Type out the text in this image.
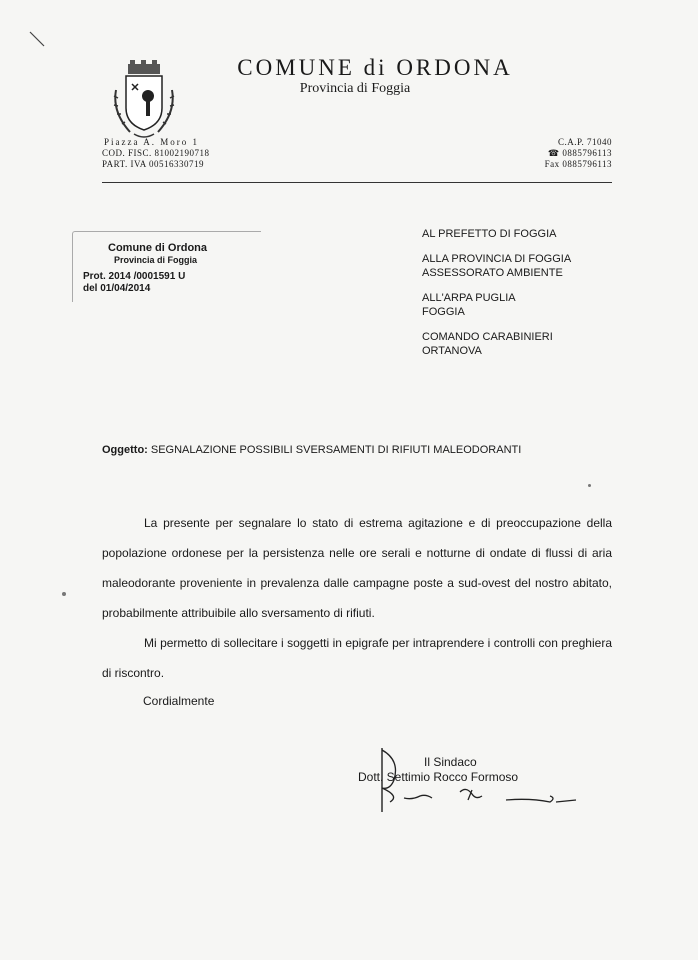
COMUNE di ORDONA
Provincia di Foggia
Piazza A. Moro 1
COD. FISC. 81002190718
PART. IVA 00516330719
C.A.P. 71040
☎ 0885796113
Fax 0885796113
Comune di Ordona
Provincia di Foggia
Prot. 2014 /0001591 U
del 01/04/2014
AL PREFETTO DI FOGGIA
ALLA PROVINCIA DI FOGGIA
ASSESSORATO AMBIENTE
ALL'ARPA PUGLIA
FOGGIA
COMANDO CARABINIERI
ORTANOVA
Oggetto: SEGNALAZIONE POSSIBILI SVERSAMENTI DI RIFIUTI MALEODORANTI

La presente per segnalare lo stato di estrema agitazione e di preoccupazione della popolazione ordonese per la persistenza nelle ore serali e notturne di ondate di flussi di aria maleodorante proveniente in prevalenza dalle campagne poste a sud-ovest del nostro abitato, probabilmente attribuibile allo sversamento di rifiuti.

Mi permetto di sollecitare i soggetti in epigrafe per intraprendere i controlli con preghiera di riscontro.

Cordialmente
Il Sindaco
Dott. Settimio Rocco Formoso
